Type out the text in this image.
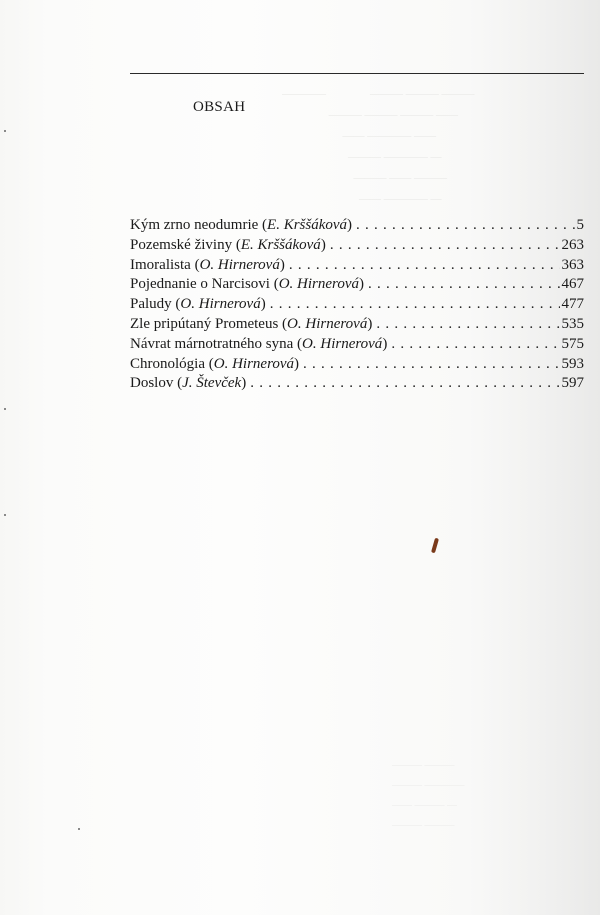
————                ——— ——— ———
——— ——— ——— ——
—— ———— ——
——— ———— —
——— —— ———
—— ———— —
——— ———
——— ————
—— ——— —
——— ———
OBSAH
Kým zrno neodumrie (E. Krššáková) . . .	5
Pozemské živiny (E. Krššáková) . . .	263
Imoralista (O. Hirnerová) . . .	363
Pojednanie o Narcisovi (O. Hirnerová) . . .	467
Paludy (O. Hirnerová) . . .	477
Zle pripútaný Prometeus (O. Hirnerová) . . .	535
Návrat márnotratného syna (O. Hirnerová) . . .	575
Chronológia (O. Hirnerová) . . .	593
Doslov (J. Števček) . . .	597
